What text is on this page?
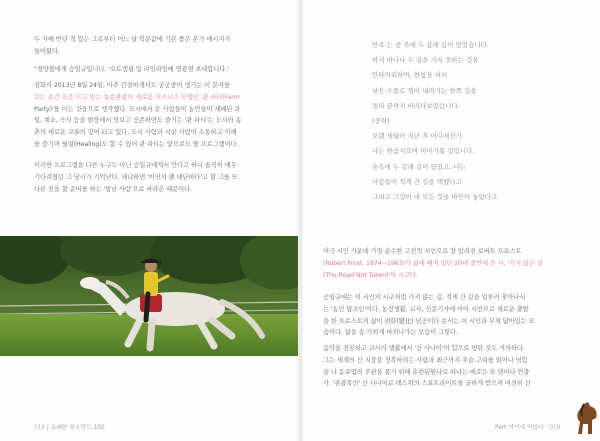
두 자매 반년 적 있는 그로부터 어느 날 학문값에 기본 좋은 본가 메시지가
들어왔다.

"경양볼에게 승일규입니다. '오토캠핑 및 라임라임에 영광점 초대합니다.'

권화의 2013년 8월 24일, 아주 간결하게서도 궁궁중이 생기는 이 문자를
보는 순간 요즘 뜨고 있는 농순관광의 새로운 이즈니스 모델인 '관 파티(Farm
Party)'를 이는 것들으로 생각했다. 도시에서 온 사람들이 농민들이 재배된 과
일, 채소, 곡식 등을 현장에서 맛보고 공존하면도 즐기는 '관 파티'는 도시와 농
촌의 새로운 교류의 장이 되고 있다. 도시 사람과 시골 사람이 소통하고 이해
를 즐기며 릴링(Healing)도 할 수 있어 관 파티는 앞으로도 뜰 프로그램이다.

이러한 프로그램을 다른 누구도 아닌 승일규에게서 안다고 하니 솔직히 매우
기다려졌던 그 당시가 기억난다. 돼냐하면 '이민의 팬 대단하다'고 할 그를 또
다른 친을 할 준비를 하는 '빌난 사람'으로 바라본 때문이다.

018 | 유쾌한 힐소랑드 100
만족 는 중 주에 두 갈래 길이 있었습니다.
하지 하나나 두 길을 가지 못하는 것을
안타까워하며, 한참을 서서
낮은 수풀로 꺾어 내려가는 한쪽 길을
멀리 끝까지 바라다보았습니다.
(중략)
오랜 세월이 지난 후 어디에선가
나는 한숨지으며 이야기할 것입니다.
숲속에 두 갈래 길이 있었고, 나는
사람들이 적게 간 길을 택했다고
그리고 그것이 내 모든 것을 바꾸어 놓았다고

미국 시인 가운데 가장 순수한 고전적 시인으로 잘 알려진 로버트 프로스트
(Robert Frost, 1874~1963)가 삶에 배져 있던 20대 중반에 쓴 시, '가지 않은 길
(The Road Not Taken)'의 시구다.

승일규에는 이 시인의 시구처럼 가지 않는 길, 적게 간 길을 일부러 찾아나서
는 '농인 탐조인'이다. 농장생활, 교사, 신문기자에 이어 시인으로 새로운 출발
을 한 프로스트의 삶이 편화(變化) 넘공이다 순서는 이 시인과 무척 닮아있는 모
습이다. 삶을 송 가꿔게 바쳐나가는 모습이 그렇다.

음악을 전공하고 교사의 생활에서 '산 사나이'의 힘으로 평탄 것도 거의하다.
그는 세계의 산 지붕을 정복하려는 사람과 최근까지 푸슬 고리를 읽어나 넘힘
을 나 동포업의 주관을 풀기 위해 훈련된원나로 떠나는 애호은 또 덴이나 연출
가. '관광목인' 산 사나이로 데스위의 스포트라이트를 글하게 받으며 여전히 산

Part 여기에 먹었다 · 019
